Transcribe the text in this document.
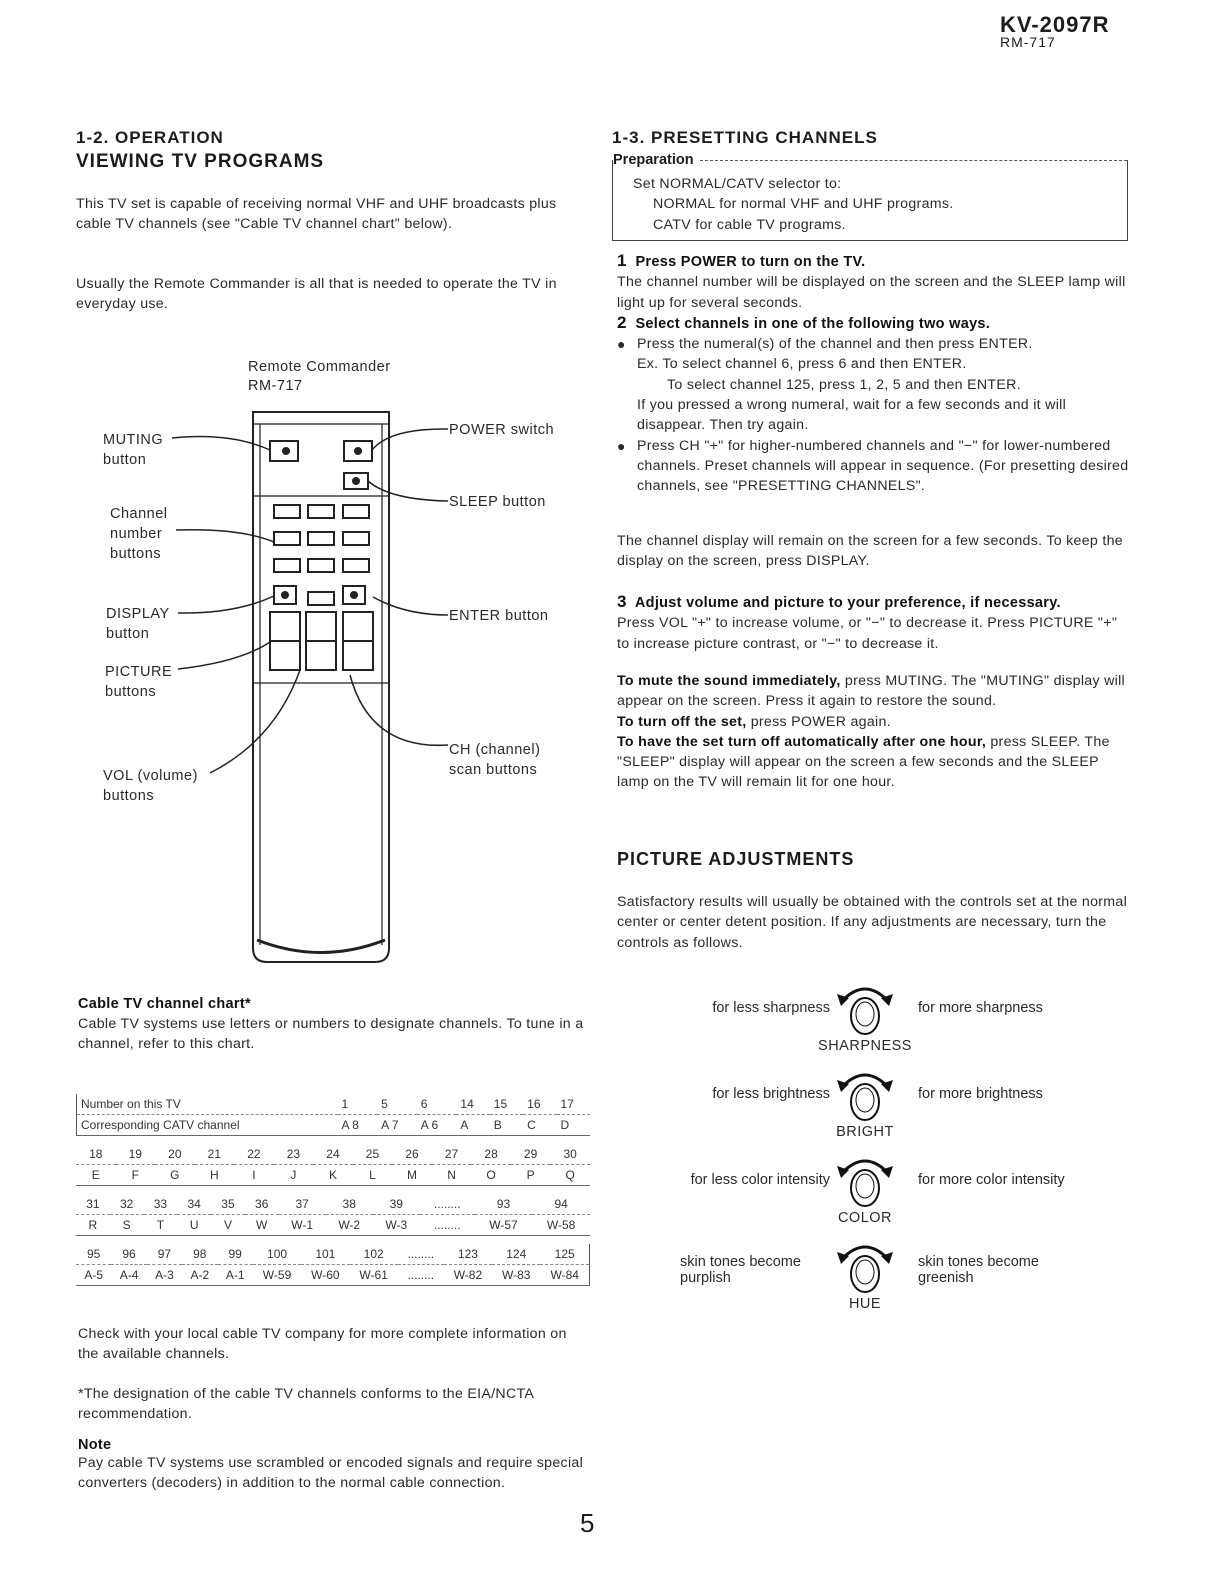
KV-2097R
RM-717
1-2. OPERATION
VIEWING TV PROGRAMS
This TV set is capable of receiving normal VHF and UHF broadcasts plus cable TV channels (see "Cable TV channel chart" below).
Usually the Remote Commander is all that is needed to operate the TV in everyday use.
Remote Commander
RM-717
MUTING
button
Channel
number
buttons
DISPLAY
button
PICTURE
buttons
VOL (volume)
buttons
POWER switch
SLEEP button
ENTER button
CH (channel)
scan buttons
Cable TV channel chart*
Cable TV systems use letters or numbers to designate channels. To tune in a channel, refer to this chart.
Number on this TV	1	5	6	14	15	16	17
Corresponding CATV channel	A 8	A 7	A 6	A	B	C	D
18	19	20	21	22	23	24	25	26	27	28	29	30
E	F	G	H	I	J	K	L	M	N	O	P	Q
31	32	33	34	35	36	37	38	39	........	93	94
R	S	T	U	V	W	W-1	W-2	W-3	........	W-57	W-58
95	96	97	98	99	100	101	102	........	123	124	125
A-5	A-4	A-3	A-2	A-1	W-59	W-60	W-61	........	W-82	W-83	W-84
Check with your local cable TV company for more complete information on the available channels.
*The designation of the cable TV channels conforms to the EIA/NCTA recommendation.
Note
Pay cable TV systems use scrambled or encoded signals and require special converters (decoders) in addition to the normal cable connection.
1-3. PRESETTING CHANNELS
Preparation
Set NORMAL/CATV selector to:
NORMAL for normal VHF and UHF programs.
CATV for cable TV programs.
1 Press POWER to turn on the TV.
The channel number will be displayed on the screen and the SLEEP lamp will light up for several seconds.
2 Select channels in one of the following two ways.
● Press the numeral(s) of the channel and then press ENTER.
Ex. To select channel 6, press 6 and then ENTER.
To select channel 125, press 1, 2, 5 and then ENTER.
If you pressed a wrong numeral, wait for a few seconds and it will disappear. Then try again.
● Press CH "+" for higher-numbered channels and "−" for lower-numbered channels. Preset channels will appear in sequence. (For presetting desired channels, see "PRESETTING CHANNELS".
The channel display will remain on the screen for a few seconds. To keep the display on the screen, press DISPLAY.
3 Adjust volume and picture to your preference, if necessary.
Press VOL "+" to increase volume, or "−" to decrease it. Press PICTURE "+" to increase picture contrast, or "−" to decrease it.
To mute the sound immediately, press MUTING. The "MUTING" display will appear on the screen. Press it again to restore the sound.
To turn off the set, press POWER again.
To have the set turn off automatically after one hour, press SLEEP. The "SLEEP" display will appear on the screen a few seconds and the SLEEP lamp on the TV will remain lit for one hour.
PICTURE ADJUSTMENTS
Satisfactory results will usually be obtained with the controls set at the normal center or center detent position. If any adjustments are necessary, turn the controls as follows.
for less sharpness
SHARPNESS
for more sharpness
for less brightness
BRIGHT
for more brightness
for less color intensity
COLOR
for more color intensity
skin tones become purplish
HUE
skin tones become greenish
5
